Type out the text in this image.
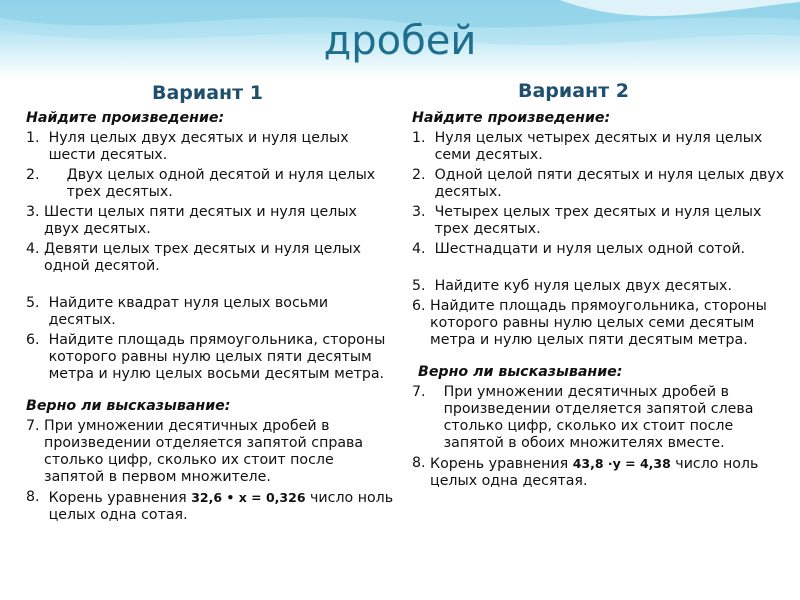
дробей
Вариант 1	Вариант 2
Найдите произведение:
1. Нуля целых двух десятых и нуля целых шести десятых.
2. Двух целых одной десятой и нуля целых трех десятых.
3. Шести целых пяти десятых и нуля целых двух десятых.
4. Девяти целых трех десятых и нуля целых одной десятой.
5. Найдите квадрат нуля целых восьми десятых.
6. Найдите площадь прямоугольника, стороны которого равны нулю целых пяти десятым метра и нулю целых восьми десятым метра.
Верно ли высказывание:
7. При умножении десятичных дробей в произведении отделяется запятой справа столько цифр, сколько их стоит после запятой в первом множителе.
8. Корень уравнения 32,6 • x = 0,326 число ноль целых одна сотая.
Найдите произведение:
1. Нуля целых четырех десятых и нуля целых семи десятых.
2. Одной целой пяти десятых и нуля целых двух десятых.
3. Четырех целых трех десятых и нуля целых трех десятых.
4. Шестнадцати и нуля целых одной сотой.
5. Найдите куб нуля целых двух десятых.
6. Найдите площадь прямоугольника, стороны которого равны нулю целых семи десятым метра и нулю целых пяти десятым метра.
Верно ли высказывание:
7. При умножении десятичных дробей в произведении отделяется запятой слева столько цифр, сколько их стоит после запятой в обоих множителях вместе.
8. Корень уравнения 43,8 ·y = 4,38 число ноль целых одна десятая.
